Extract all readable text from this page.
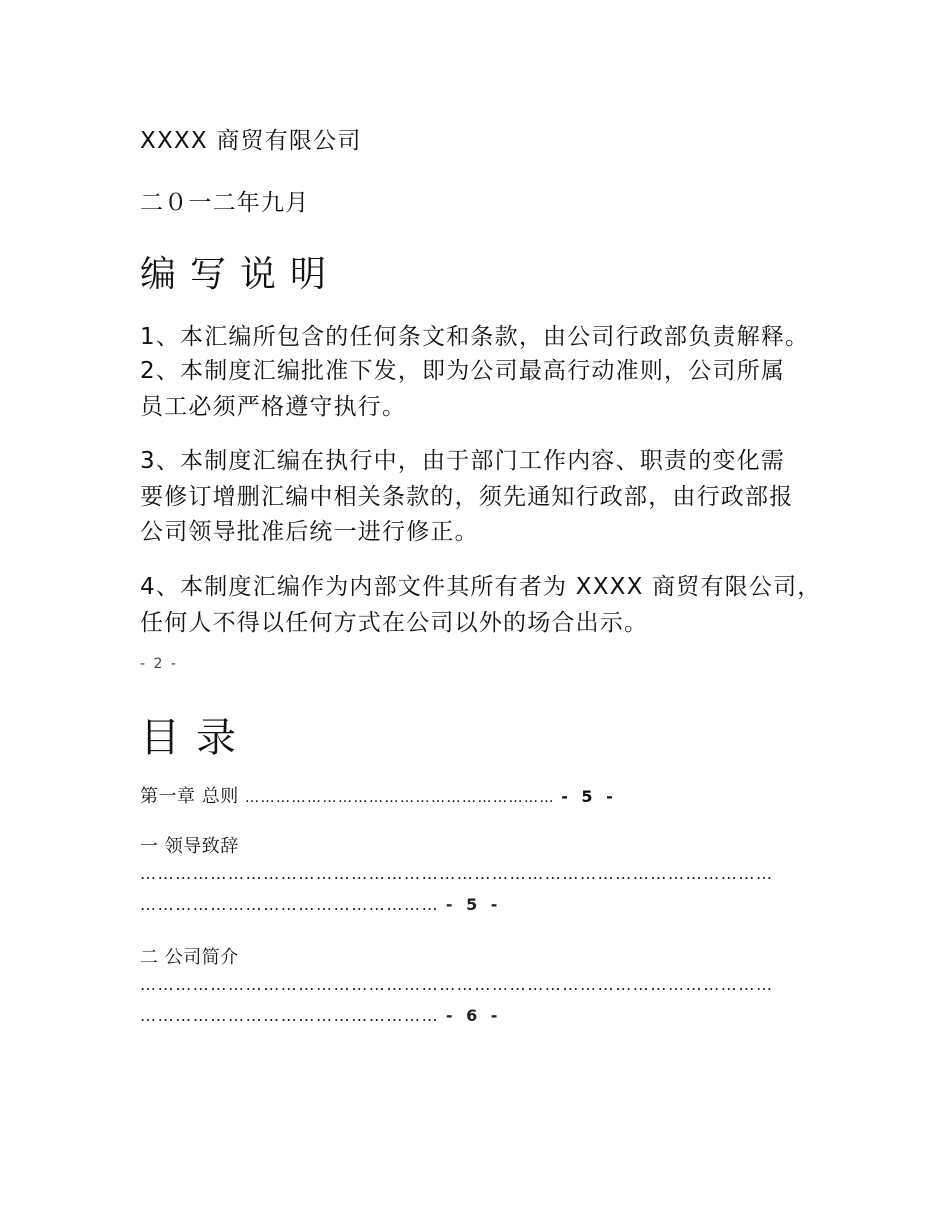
XXXX 商贸有限公司
二０一二年九月
编写说明
1、本汇编所包含的任何条文和条款，由公司行政部负责解释。
2、本制度汇编批准下发，即为公司最高行动准则，公司所属
员工必须严格遵守执行。
3、本制度汇编在执行中，由于部门工作内容、职责的变化需
要修订增删汇编中相关条款的，须先通知行政部，由行政部报
公司领导批准后统一进行修正。
4、本制度汇编作为内部文件其所有者为 XXXX 商贸有限公司，
任何人不得以任何方式在公司以外的场合出示。
- 2 -
目录
第一章 总则 …………………………………………………… - 5 -
一 领导致辞
………………………………………………………………………………………………
…………………………………………… - 5 -
二 公司简介
………………………………………………………………………………………………
…………………………………………… - 6 -
